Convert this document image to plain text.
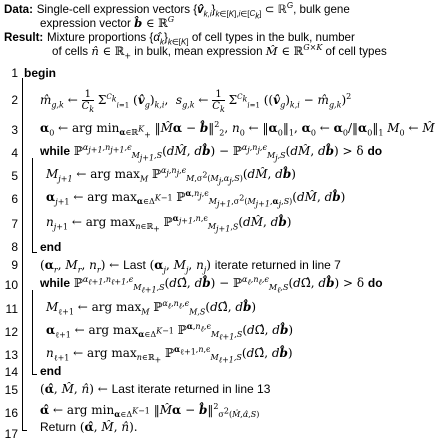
Data: Single-cell expression vectors $\{v̂_{k,i}\}_{k\in[K],i\in[C_k]}$ ⊂ ℝ$^G$, bulk gene
expression vector b̂ ∈ ℝ$^G$
Result: Mixture proportions $\{\alphâ_k\}_{k\in[K]}$ of cell types in the bulk, number
of cells n̂ ∈ ℝ$_+$ in bulk, mean expression M̂ ∈ ℝ$^{G\times K}$ of cell types
1
2
3
4
5
6
7
8
9
10
11
12
13
14
15
16
17
begin
$m̂_{g,k}$ ← $\frac{1}{C_k} \Sigma^{C_k}_{i=1}$ $(v̂_g)_{k,i}$,  $s_{g,k}$ ← $\frac{1}{C_k} \Sigma^{C_k}_{i=1}$ ($(v̂_g)_{k,i}$ − $m̂_{g,k})^2$
$\alpha_0$ ← arg $\min_{\alpha\in ℝ^K_+}$ ‖M̂α − b̂‖$^2_2$, $n_0$ ← $‖\alpha_0‖_1$, $\alpha_0$ ← $\alpha_0/‖\alpha_0‖_1$ $M_0$ ← M̂
while ℙ$^{\alpha_{j+1},n_{j+1},\epsilon}_{M_{j+1},S}$(dM̂, db̂) − ℙ$^{\alpha_j,n_j,\epsilon}_{M_j,S}$(dM̂, db̂) > δ do
$M_{j+1}$ ← arg $\max_M$ ℙ$^{\alpha_j,n_j,\epsilon}_{M,\sigma^2(M_j,\alpha_j,S)}$(dM̂, db̂)
$\alpha_{j+1}$ ← arg $\max_{\alpha\in\Delta^{K-1}}$ ℙ$^{\alpha,n_j,\epsilon}_{M_{j+1},\sigma^2(M_{j+1},\alpha_j,S)}$(dM̂, db̂)
$n_{j+1}$ ← arg $\max_{n\in ℝ_+}$ ℙ$^{\alpha_{j+1},n,\epsilon}_{M_{j+1},S}$(dM̂, db̂)
end
($\alpha_r$, $M_r$, $n_r$) ← Last ($\alpha_j$, $M_j$, $n_j$) iterate returned in line 7
while ℙ$^{\alpha_{\ell+1},n_{\ell+1},\epsilon}_{M_{\ell+1},S}$(dΩ̂, db̂) − ℙ$^{\alpha_\ell,n_\ell,\epsilon}_{M_\ell,S}$(dΩ̂, db̂) > δ do
$M_{\ell+1}$ ← arg $\max_M$ ℙ$^{\alpha_\ell,n_\ell,\epsilon}_{M,S}$(dΩ̂, db̂)
$\alpha_{\ell+1}$ ← arg $\max_{\alpha\in\Delta^{K-1}}$ ℙ$^{\alpha,n_\ell,\epsilon}_{M_{\ell+1},S}$(dΩ̂, db̂)
$n_{\ell+1}$ ← arg $\max_{n\in ℝ_+}$ ℙ$^{\alpha_{\ell+1},n,\epsilon}_{M_{\ell+1},S}$(dΩ̂, db̂)
end
(α̂, M̂, n̂) ← Last iterate returned in line 13
α̂ ← arg $\min_{\alpha\in\Delta^{K-1}}$ ‖M̂α − b̂‖$^2_{\sigma^2(M̂,\alphâ,S)}$
Return (α̂, M̂, n̂).
